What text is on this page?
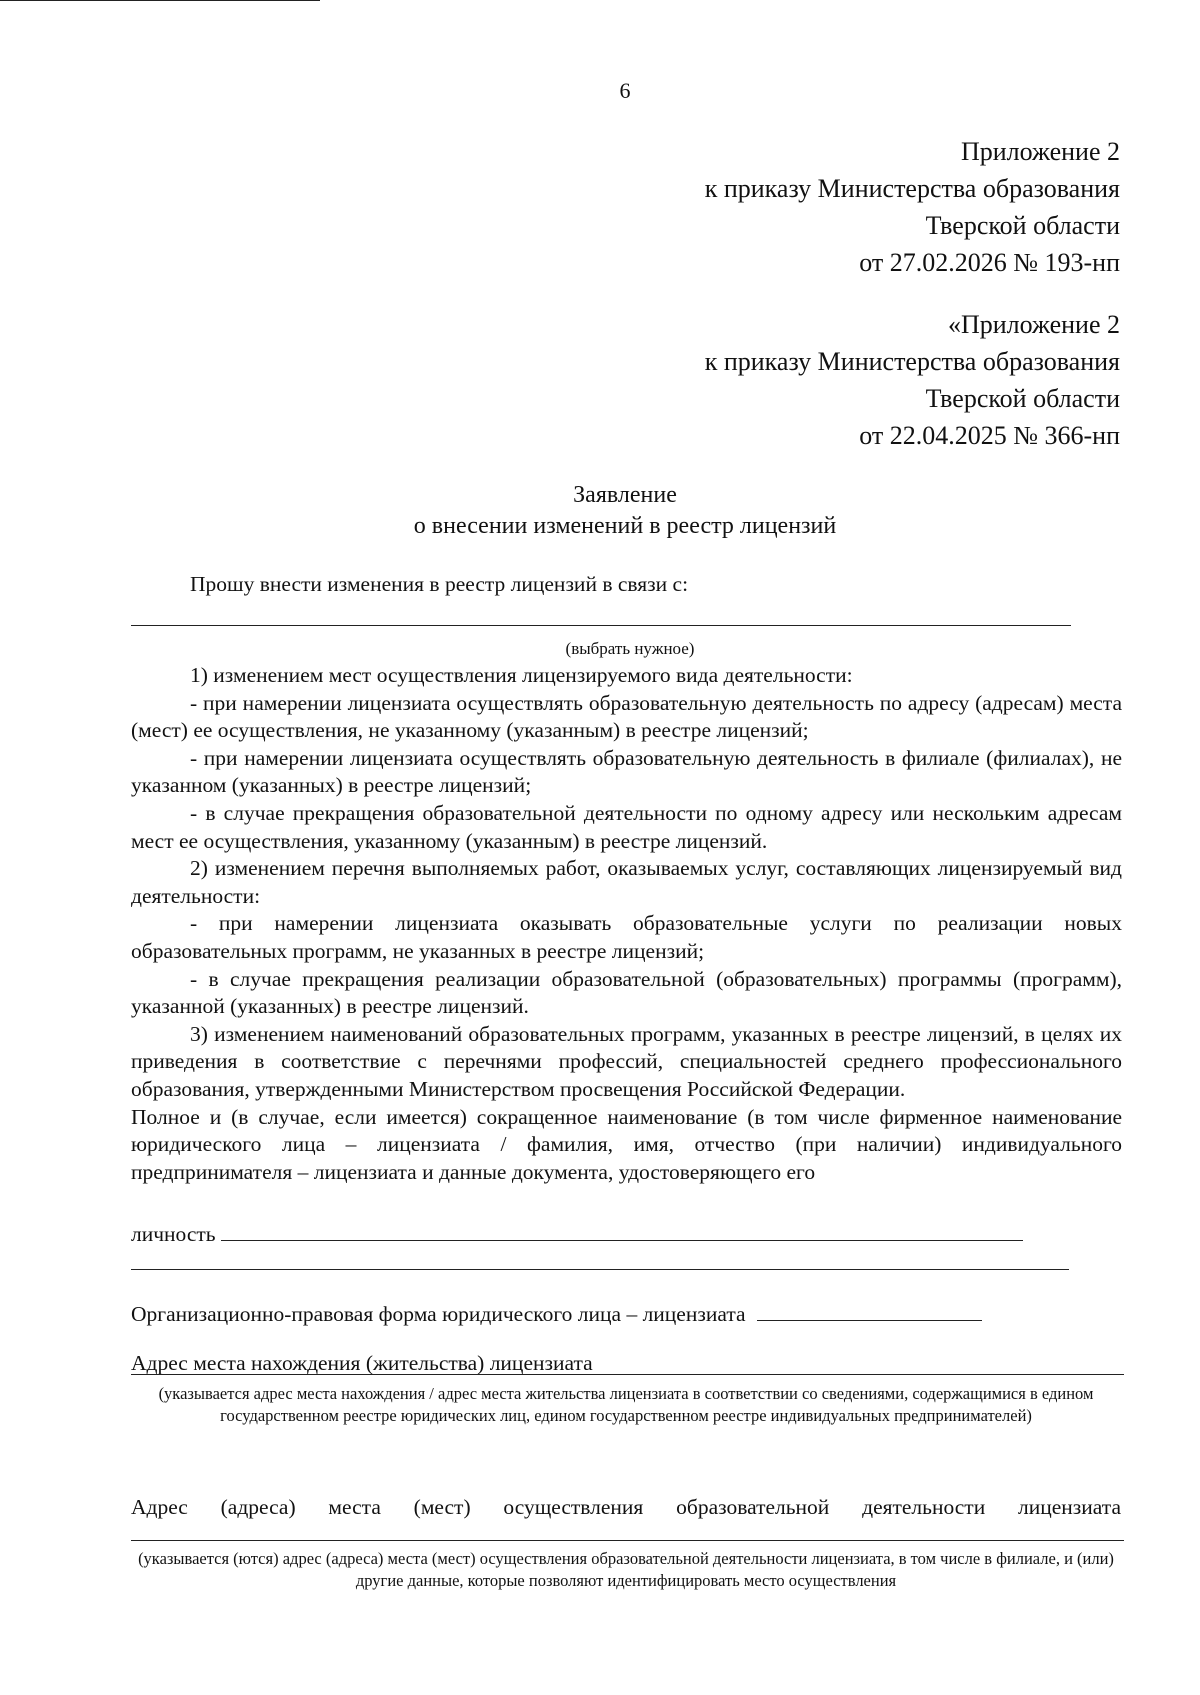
6
Приложение 2
к приказу Министерства образования
Тверской области
от 27.02.2026 № 193-нп
«Приложение 2
к приказу Министерства образования
Тверской области
от 22.04.2025 № 366-нп
Заявление
о внесении изменений в реестр лицензий
Прошу внести изменения в реестр лицензий в связи с:
(выбрать нужное)

1) изменением мест осуществления лицензируемого вида деятельности:

- при намерении лицензиата осуществлять образовательную деятельность по адресу (адресам) места (мест) ее осуществления, не указанному (указанным) в реестре лицензий;

- при намерении лицензиата осуществлять образовательную деятельность в филиале (филиалах), не указанном (указанных) в реестре лицензий;

- в случае прекращения образовательной деятельности по одному адресу или нескольким адресам мест ее осуществления, указанному (указанным) в реестре лицензий.

2) изменением перечня выполняемых работ, оказываемых услуг, составляющих лицензируемый вид деятельности:

- при намерении лицензиата оказывать образовательные услуги по реализации новых образовательных программ, не указанных в реестре лицензий;

- в случае прекращения реализации образовательной (образовательных) программы (программ), указанной (указанных) в реестре лицензий.

3) изменением наименований образовательных программ, указанных в реестре лицензий, в целях их приведения в соответствие с перечнями профессий, специальностей среднего профессионального образования, утвержденными Министерством просвещения Российской Федерации.

Полное и (в случае, если имеется) сокращенное наименование (в том числе фирменное наименование юридического лица – лицензиата / фамилия, имя, отчество (при наличии) индивидуального предпринимателя – лицензиата и данные документа, удостоверяющего его

личность
Организационно-правовая форма юридического лица – лицензиата
Адрес места нахождения (жительства) лицензиата
(указывается адрес места нахождения / адрес места жительства лицензиата в соответствии со сведениями, содержащимися в едином государственном реестре юридических лиц, едином государственном реестре индивидуальных предпринимателей)
Адрес (адреса) места (мест) осуществления образовательной деятельности лицензиата
(указывается (ются) адрес (адреса) места (мест) осуществления образовательной деятельности лицензиата, в том числе в филиале, и (или) другие данные, которые позволяют идентифицировать место осуществления
